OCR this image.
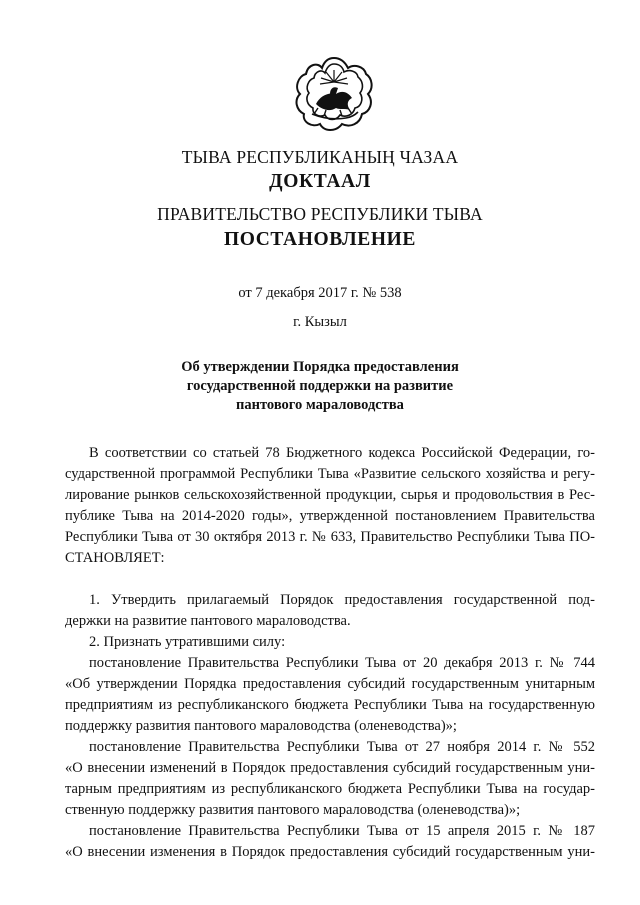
ТЫВА РЕСПУБЛИКАНЫҢ ЧАЗАА
ДОКТААЛ
ПРАВИТЕЛЬСТВО РЕСПУБЛИКИ ТЫВА
ПОСТАНОВЛЕНИЕ
от 7 декабря 2017 г. № 538
г. Кызыл
Об утверждении Порядка предоставления
государственной поддержки на развитие
пантового мараловодства
В соответствии со статьей 78 Бюджетного кодекса Российской Федерации, го-
сударственной программой Республики Тыва «Развитие сельского хозяйства и регу-
лирование рынков сельскохозяйственной продукции, сырья и продовольствия в Рес-
публике Тыва на 2014-2020 годы», утвержденной постановлением Правительства
Республики Тыва от 30 октября 2013 г. № 633, Правительство Республики Тыва ПО-
СТАНОВЛЯЕТ:
1. Утвердить прилагаемый Порядок предоставления государственной под-
держки на развитие пантового мараловодства.
2. Признать утратившими силу:
постановление Правительства Республики Тыва от 20 декабря 2013 г. № 744
«Об утверждении Порядка предоставления субсидий государственным унитарным
предприятиям из республиканского бюджета Республики Тыва на государственную
поддержку развития пантового мараловодства (оленеводства)»;
постановление Правительства Республики Тыва от 27 ноября 2014 г. № 552
«О внесении изменений в Порядок предоставления субсидий государственным уни-
тарным предприятиям из республиканского бюджета Республики Тыва на государ-
ственную поддержку развития пантового мараловодства (оленеводства)»;
постановление Правительства Республики Тыва от 15 апреля 2015 г. № 187
«О внесении изменения в Порядок предоставления субсидий государственным уни-
